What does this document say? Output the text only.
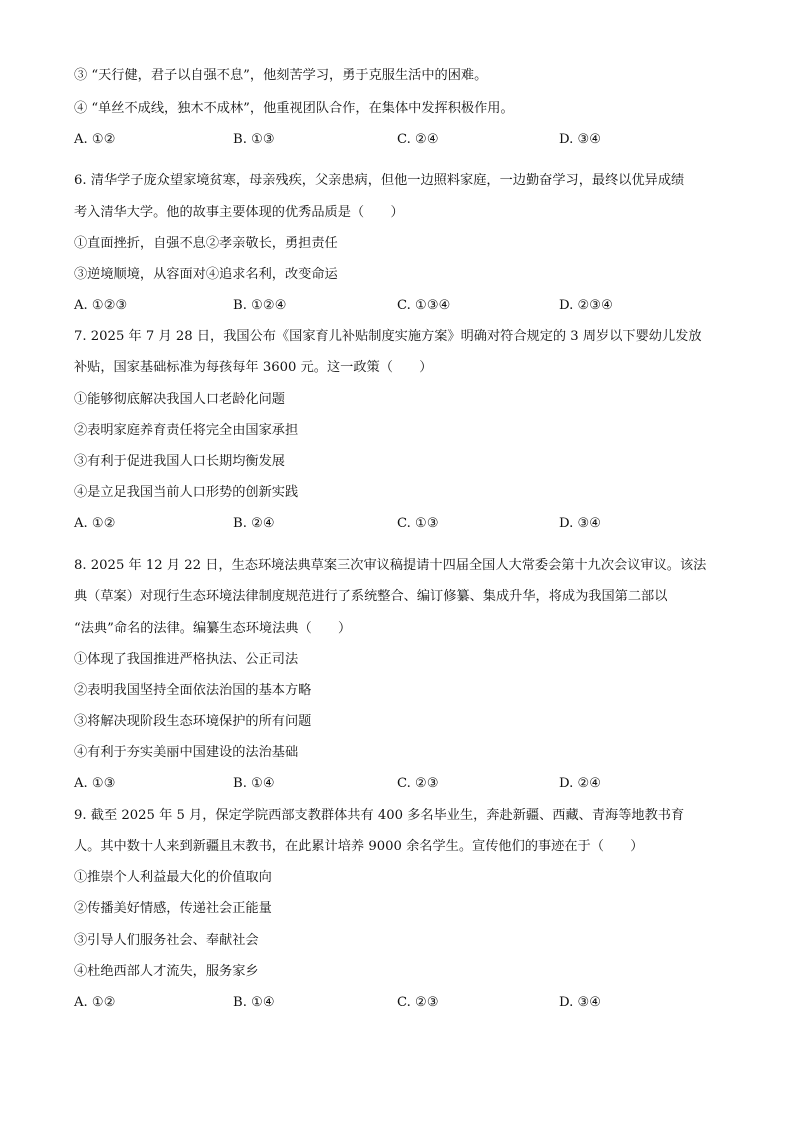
③ “天行健，君子以自强不息”，他刻苦学习，勇于克服生活中的困难。
④ “单丝不成线，独木不成林”，他重视团队合作，在集体中发挥积极作用。
A. ①②	B. ①③	C. ②④	D. ③④
6. 清华学子庞众望家境贫寒，母亲残疾，父亲患病，但他一边照料家庭，一边勤奋学习，最终以优异成绩
考入清华大学。他的故事主要体现的优秀品质是（　　）
①直面挫折，自强不息②孝亲敬长，勇担责任
③逆境顺境，从容面对④追求名利，改变命运
A. ①②③	B. ①②④	C. ①③④	D. ②③④
7. 2025 年 7 月 28 日，我国公布《国家育儿补贴制度实施方案》明确对符合规定的 3 周岁以下婴幼儿发放
补贴，国家基础标准为每孩每年 3600 元。这一政策（　　）
①能够彻底解决我国人口老龄化问题
②表明家庭养育责任将完全由国家承担
③有利于促进我国人口长期均衡发展
④是立足我国当前人口形势的创新实践
A. ①②	B. ②④	C. ①③	D. ③④
8. 2025 年 12 月 22 日，生态环境法典草案三次审议稿提请十四届全国人大常委会第十九次会议审议。该法
典（草案）对现行生态环境法律制度规范进行了系统整合、编订修纂、集成升华，将成为我国第二部以
“法典”命名的法律。编纂生态环境法典（　　）
①体现了我国推进严格执法、公正司法
②表明我国坚持全面依法治国的基本方略
③将解决现阶段生态环境保护的所有问题
④有利于夯实美丽中国建设的法治基础
A. ①③	B. ①④	C. ②③	D. ②④
9. 截至 2025 年 5 月，保定学院西部支教群体共有 400 多名毕业生，奔赴新疆、西藏、青海等地教书育
人。其中数十人来到新疆且末教书，在此累计培养 9000 余名学生。宣传他们的事迹在于（　　）
①推崇个人利益最大化的价值取向
②传播美好情感，传递社会正能量
③引导人们服务社会、奉献社会
④杜绝西部人才流失，服务家乡
A. ①②	B. ①④	C. ②③	D. ③④
